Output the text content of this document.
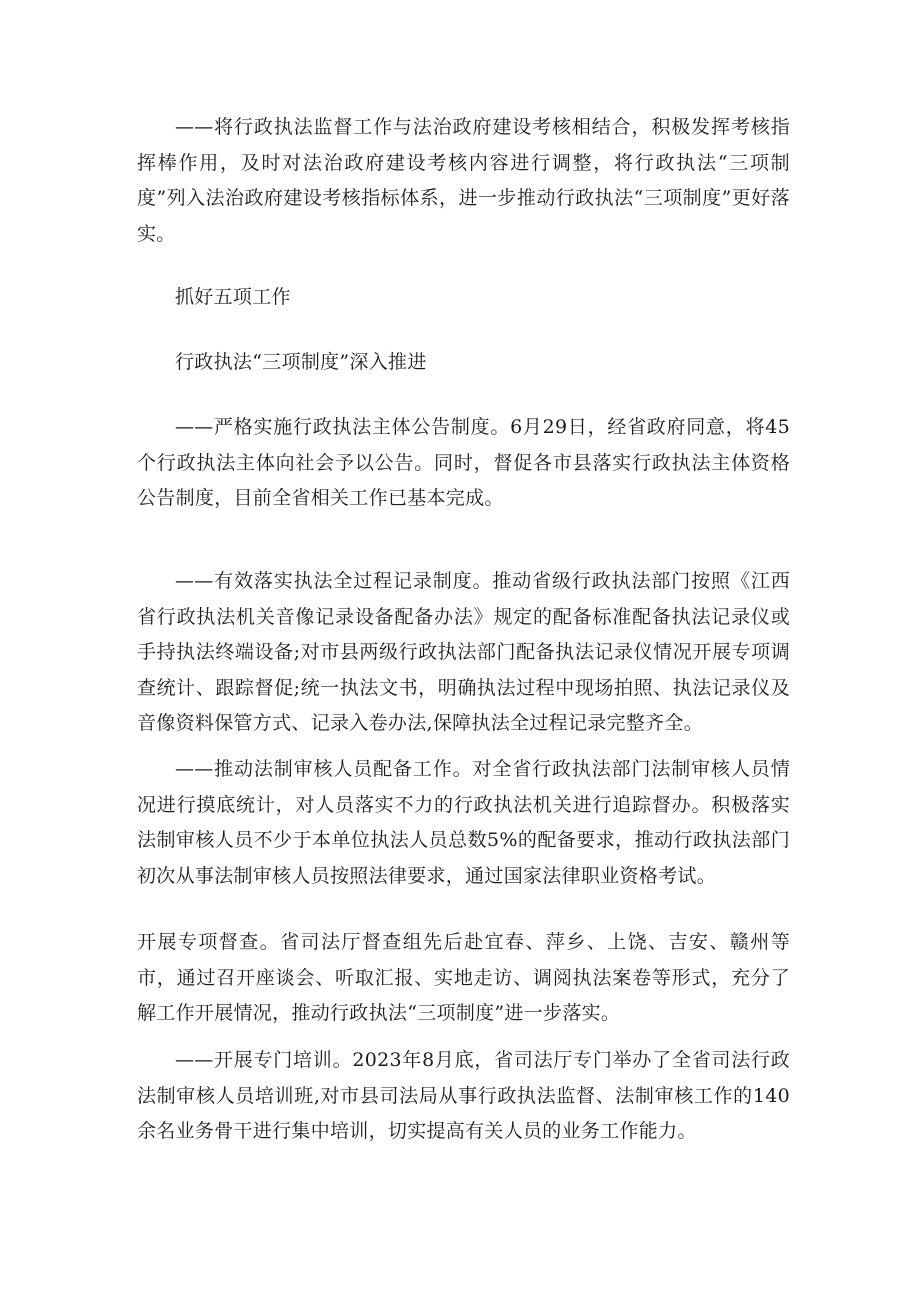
——将行政执法监督工作与法治政府建设考核相结合，积极发挥考核指挥棒作用，及时对法治政府建设考核内容进行调整，将行政执法“三项制度”列入法治政府建设考核指标体系，进一步推动行政执法“三项制度”更好落实。

抓好五项工作

行政执法“三项制度”深入推进

——严格实施行政执法主体公告制度。6月29日，经省政府同意，将45个行政执法主体向社会予以公告。同时，督促各市县落实行政执法主体资格公告制度，目前全省相关工作已基本完成。

——有效落实执法全过程记录制度。推动省级行政执法部门按照《江西省行政执法机关音像记录设备配备办法》规定的配备标准配备执法记录仪或手持执法终端设备;对市县两级行政执法部门配备执法记录仪情况开展专项调查统计、跟踪督促;统一执法文书，明确执法过程中现场拍照、执法记录仪及音像资料保管方式、记录入卷办法,保障执法全过程记录完整齐全。

——推动法制审核人员配备工作。对全省行政执法部门法制审核人员情况进行摸底统计，对人员落实不力的行政执法机关进行追踪督办。积极落实法制审核人员不少于本单位执法人员总数5%的配备要求，推动行政执法部门初次从事法制审核人员按照法律要求，通过国家法律职业资格考试。

开展专项督查。省司法厅督查组先后赴宜春、萍乡、上饶、吉安、赣州等市，通过召开座谈会、听取汇报、实地走访、调阅执法案卷等形式，充分了解工作开展情况，推动行政执法“三项制度”进一步落实。

——开展专门培训。2023年8月底，省司法厅专门举办了全省司法行政法制审核人员培训班,对市县司法局从事行政执法监督、法制审核工作的140余名业务骨干进行集中培训，切实提高有关人员的业务工作能力。
